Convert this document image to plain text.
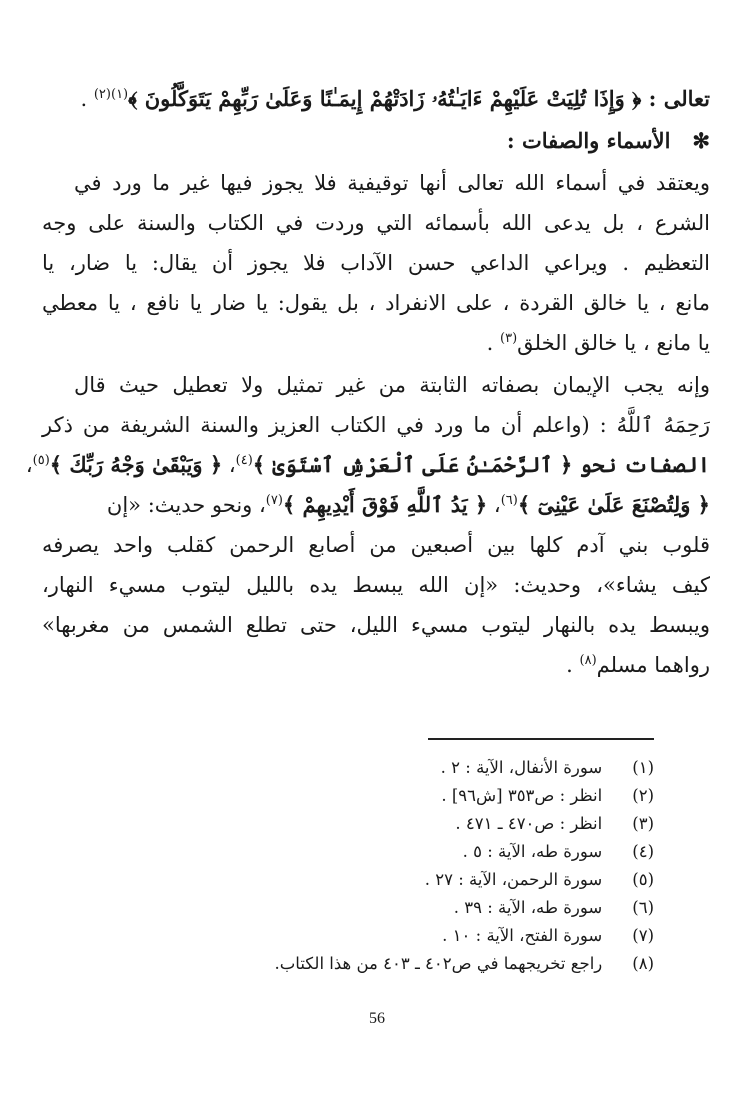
تعالى : ﴿ وَإِذَا تُلِيَتْ عَلَيْهِمْ ءَايَـٰتُهُۥ زَادَتْهُمْ إِيمَـٰنًا وَعَلَىٰ رَبِّهِمْ يَتَوَكَّلُونَ ﴾$^{(١)(٢)}$ .
✻   الأسماء والصفات :
ويعتقد في أسماء الله تعالى أنها توقيفية فلا يجوز فيها غير ما ورد في
الشرع ، بل يدعى الله بأسمائه التي وردت في الكتاب والسنة على وجه
التعظيم . ويراعي الداعي حسن الآداب فلا يجوز أن يقال: يا ضار، يا
مانع ، يا خالق القردة ، على الانفراد ، بل يقول: يا ضار يا نافع ، يا معطي
يا مانع ، يا خالق الخلق$^{(٣)}$ .
وإنه يجب الإيمان بصفاته الثابتة من غير تمثيل ولا تعطيل حيث قال
رَحِمَهُ ٱللَّهُ : (واعلم أن ما ورد في الكتاب العزيز والسنة الشريفة من ذكر
الصفات نحو ﴿ ٱلرَّحْمَـٰنُ عَلَى ٱلْعَرْشِ ٱسْتَوَىٰ ﴾$^{(٤)}$، ﴿ وَيَبْقَىٰ وَجْهُ رَبِّكَ ﴾$^{(٥)}$،
﴿ وَلِتُصْنَعَ عَلَىٰ عَيْنِىٓ ﴾$^{(٦)}$، ﴿ يَدُ ٱللَّهِ فَوْقَ أَيْدِيهِمْ ﴾$^{(٧)}$، ونحو حديث: «إن
قلوب بني آدم كلها بين أصبعين من أصابع الرحمن كقلب واحد يصرفه
كيف يشاء»، وحديث: «إن الله يبسط يده بالليل ليتوب مسيء النهار،
ويبسط يده بالنهار ليتوب مسيء الليل، حتى تطلع الشمس من مغربها»
رواهما مسلم$^{(٨)}$ .
(١)   سورة الأنفال، الآية : ٢ .
(٢)   انظر : ص٣٥٣ [ش٩٦] .
(٣)   انظر : ص٤٧٠ ـ ٤٧١ .
(٤)   سورة طه، الآية : ٥ .
(٥)   سورة الرحمن، الآية : ٢٧ .
(٦)   سورة طه، الآية : ٣٩ .
(٧)   سورة الفتح، الآية : ١٠ .
(٨)   راجع تخريجهما في ص٤٠٢ ـ ٤٠٣ من هذا الكتاب.
56
